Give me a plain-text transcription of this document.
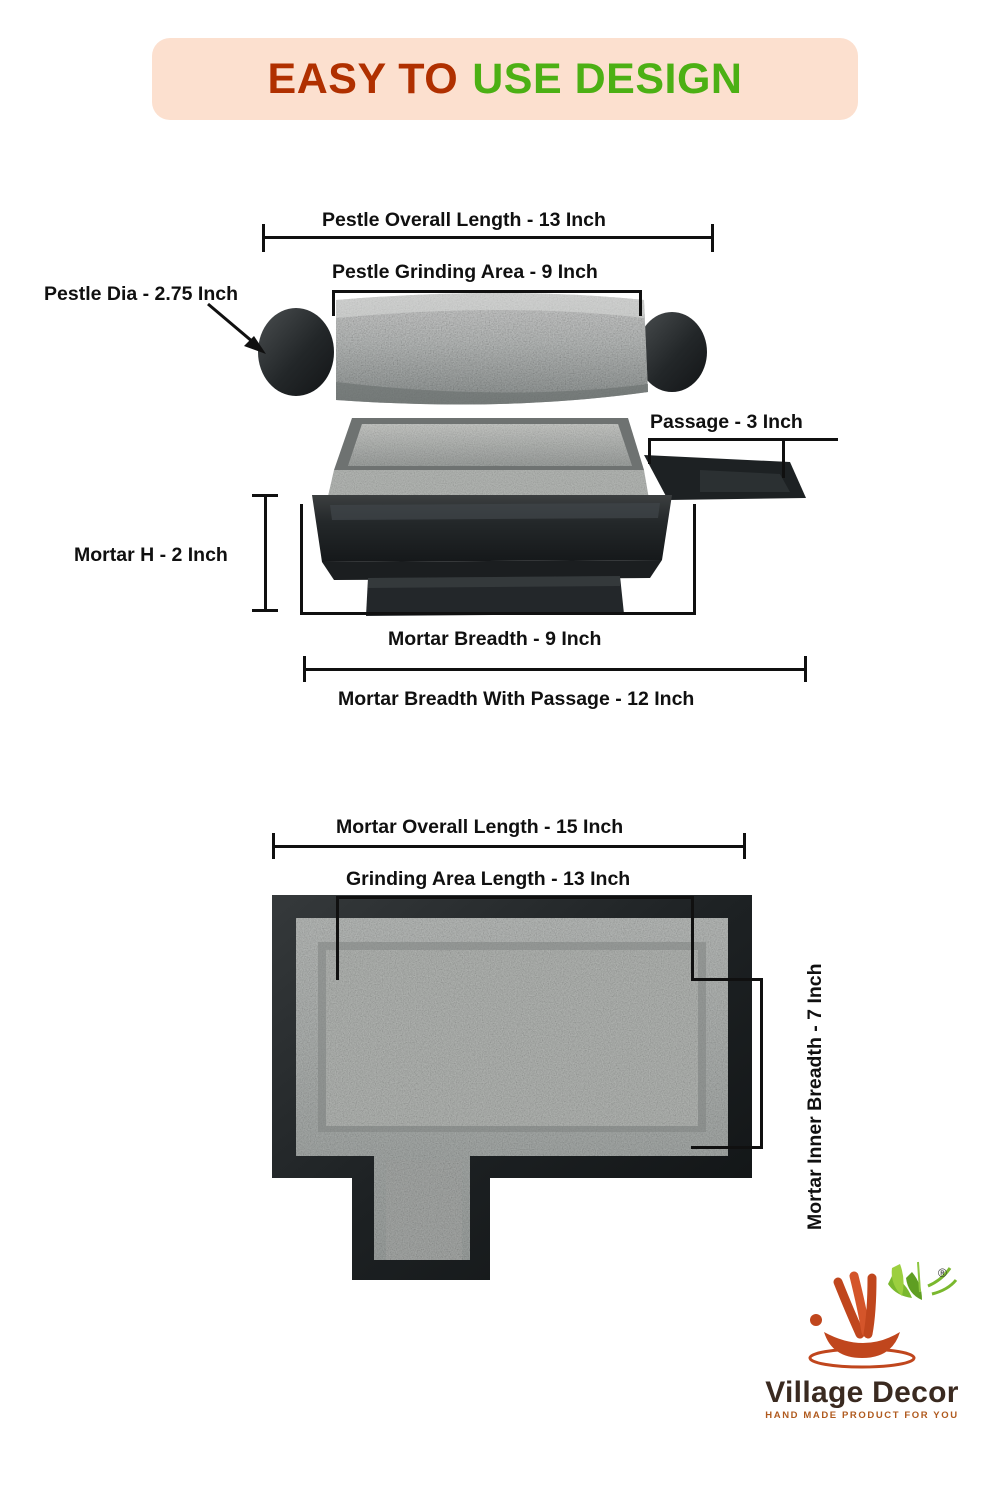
EASY TO USE DESIGN
Pestle Overall Length - 13 Inch
Pestle Grinding Area - 9 Inch
Pestle Dia - 2.75 Inch
Passage - 3 Inch
Mortar H - 2 Inch
Mortar Breadth - 9 Inch
Mortar Breadth With Passage - 12 Inch
Mortar Overall Length - 15 Inch
Grinding Area Length - 13 Inch
Mortar Inner Breadth - 7 Inch
®
Village Decor
HAND MADE PRODUCT FOR YOU
